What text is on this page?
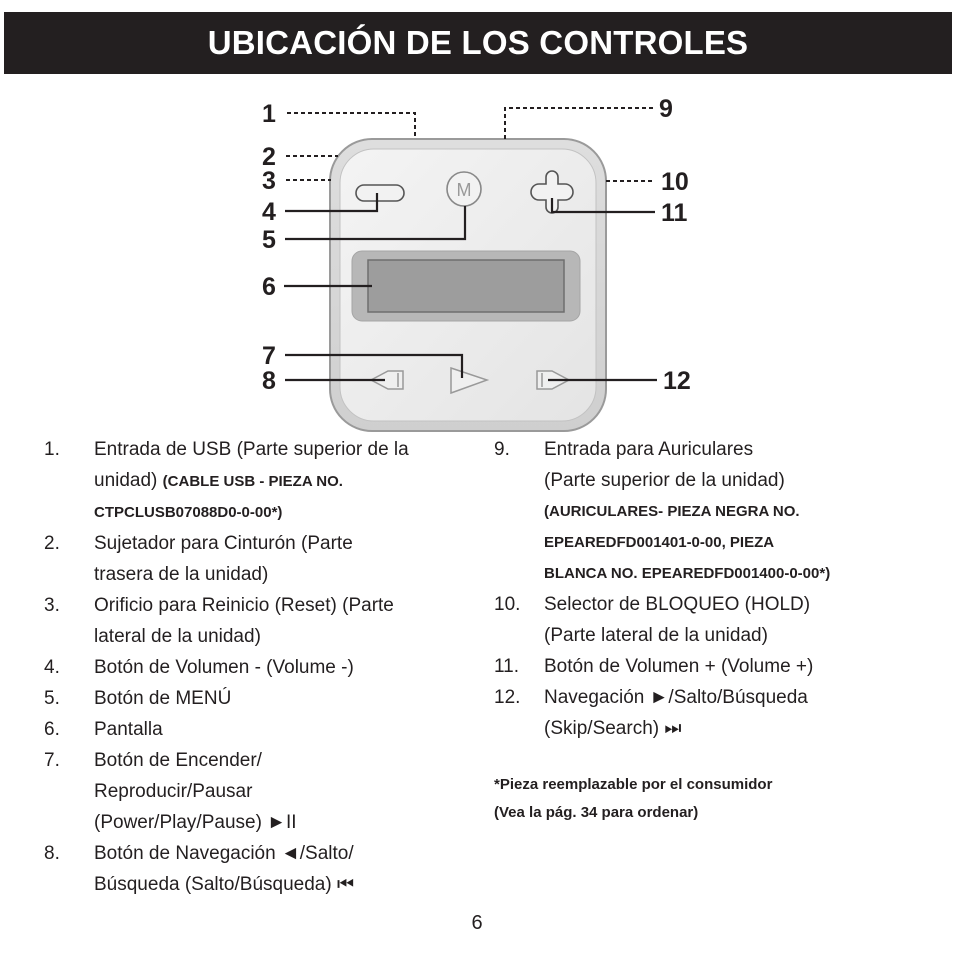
UBICACIÓN DE LOS CONTROLES
M
1
2
3
4
5
6
7
8
9
10
11
12
1.	Entrada de USB (Parte superior de la
unidad) (CABLE USB - PIEZA NO.
CTPCLUSB07088D0-0-00*)
2.	Sujetador para Cinturón (Parte
trasera de la unidad)
3.	Orificio para Reinicio (Reset) (Parte
lateral de la unidad)
4.	Botón de Volumen - (Volume -)
5.	Botón de MENÚ
6.	Pantalla
7.	Botón de Encender/
Reproducir/Pausar
(Power/Play/Pause) ►II
8.	Botón de Navegación ◄/Salto/
Búsqueda (Salto/Búsqueda) ⏮
9.	Entrada para Auriculares
(Parte superior de la unidad)
(AURICULARES- PIEZA NEGRA NO.
EPEAREDFD001401-0-00, PIEZA
BLANCA NO. EPEAREDFD001400-0-00*)
10.	Selector de BLOQUEO (HOLD)
(Parte lateral de la unidad)
11.	Botón de Volumen + (Volume +)
12.	Navegación ►/Salto/Búsqueda
(Skip/Search) ⏭
*Pieza reemplazable por el consumidor
(Vea la pág. 34 para ordenar)
6
